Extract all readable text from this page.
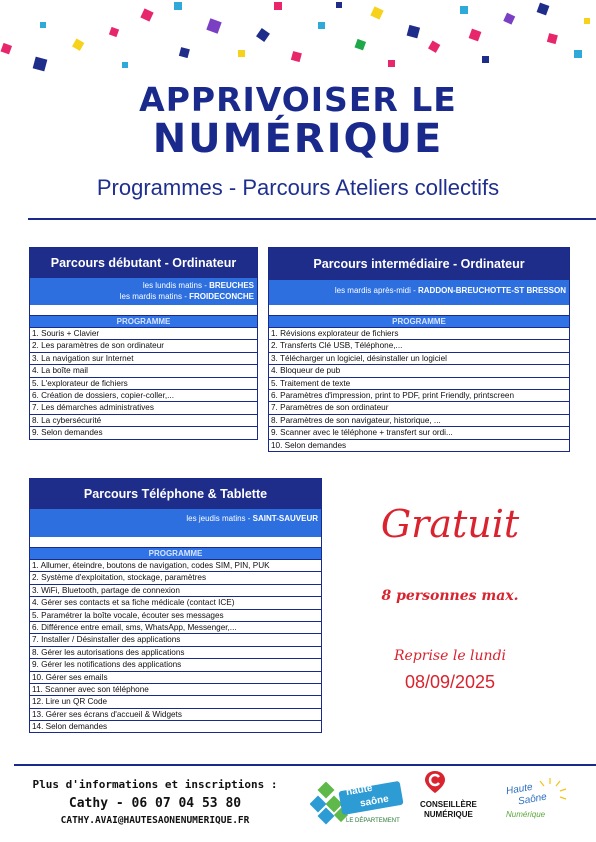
APPRIVOISER LE
NUMÉRIQUE
Programmes - Parcours Ateliers collectifs
Parcours débutant - Ordinateur
les lundis matins - BREUCHES
les mardis matins - FROIDECONCHE
PROGRAMME
1. Souris + Clavier
2. Les paramètres de son ordinateur
3. La navigation sur Internet
4. La boîte mail
5. L'explorateur de fichiers
6. Création de dossiers, copier-coller,...
7. Les démarches administratives
8. La cybersécurité
9. Selon demandes
Parcours intermédiaire - Ordinateur
les mardis après-midi - RADDON-BREUCHOTTE-ST BRESSON
PROGRAMME
1. Révisions explorateur de fichiers
2. Transferts Clé USB, Téléphone,...
3. Télécharger un logiciel, désinstaller un logiciel
4. Bloqueur de pub
5. Traitement de texte
6. Paramètres d'impression, print to PDF, print Friendly, printscreen
7. Paramètres de son ordinateur
8. Paramètres de son navigateur, historique, ...
9. Scanner avec le téléphone + transfert sur ordi...
10. Selon demandes
Parcours Téléphone & Tablette
les jeudis matins - SAINT-SAUVEUR
PROGRAMME
1. Allumer, éteindre, boutons de navigation, codes SIM, PIN, PUK
2. Système d'exploitation, stockage, paramètres
3. WiFi, Bluetooth, partage de connexion
4. Gérer ses contacts et sa fiche médicale (contact ICE)
5. Paramétrer la boîte vocale, écouter ses messages
6. Différence entre email, sms, WhatsApp, Messenger,...
7. Installer / Désinstaller des applications
8. Gérer les autorisations des applications
9. Gérer les notifications des applications
10. Gérer ses emails
11. Scanner avec son téléphone
12. Lire un QR Code
13. Gérer ses écrans d'accueil & Widgets
14. Selon demandes
Gratuit
8 personnes max.
Reprise le lundi
08/09/2025
Plus d'informations et inscriptions :
Cathy - 06 07 04 53 80
CATHY.AVAI@HAUTESAONENUMERIQUE.FR
haute
saône
LE DÉPARTEMENT
CONSEILLÈRE
NUMÉRIQUE
Haute
Saône
Numérique
